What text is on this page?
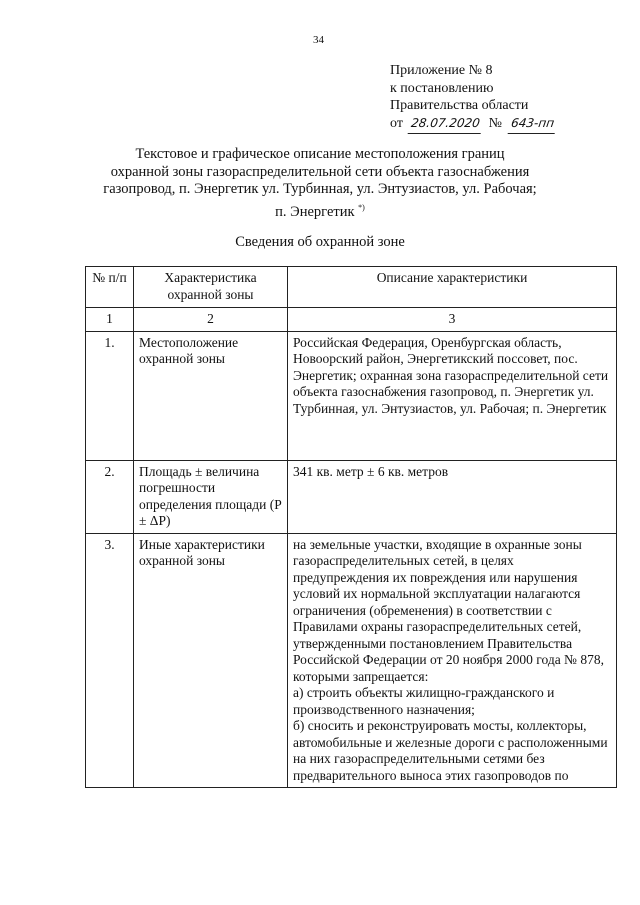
34
Приложение № 8
к постановлению
Правительства области
от 28.07.2020 № 643-пп
Текстовое и графическое описание местоположения границ
охранной зоны газораспределительной сети объекта газоснабжения
газопровод, п. Энергетик ул. Турбинная, ул. Энтузиастов, ул. Рабочая;
п. Энергетик *)
Сведения об охранной зоне
№ п/п	Характеристика охранной зоны	Описание характеристики
1	2	3
1.	Местоположение охранной зоны	Российская Федерация, Оренбургская область, Новоорский район, Энергетикский поссовет, пос. Энергетик; охранная зона газораспределительной сети объекта газоснабжения газопровод, п. Энергетик ул. Турбинная, ул. Энтузиастов, ул. Рабочая; п. Энергетик
2.	Площадь ± величина погрешности определения площади (P ± ΔP)	341 кв. метр ± 6 кв. метров
3.	Иные характеристики охранной зоны	на земельные участки, входящие в охранные зоны газораспределительных сетей, в целях предупреждения их повреждения или нарушения условий их нормальной эксплуатации налагаются ограничения (обременения) в соответствии с Правилами охраны газораспределительных сетей, утвержденными постановлением Правительства Российской Федерации от 20 ноября 2000 года № 878, которыми запрещается:
а) строить объекты жилищно-гражданского и производственного назначения;
б) сносить и реконструировать мосты, коллекторы, автомобильные и железные дороги с расположенными на них газораспределительными сетями без предварительного выноса этих газопроводов по
